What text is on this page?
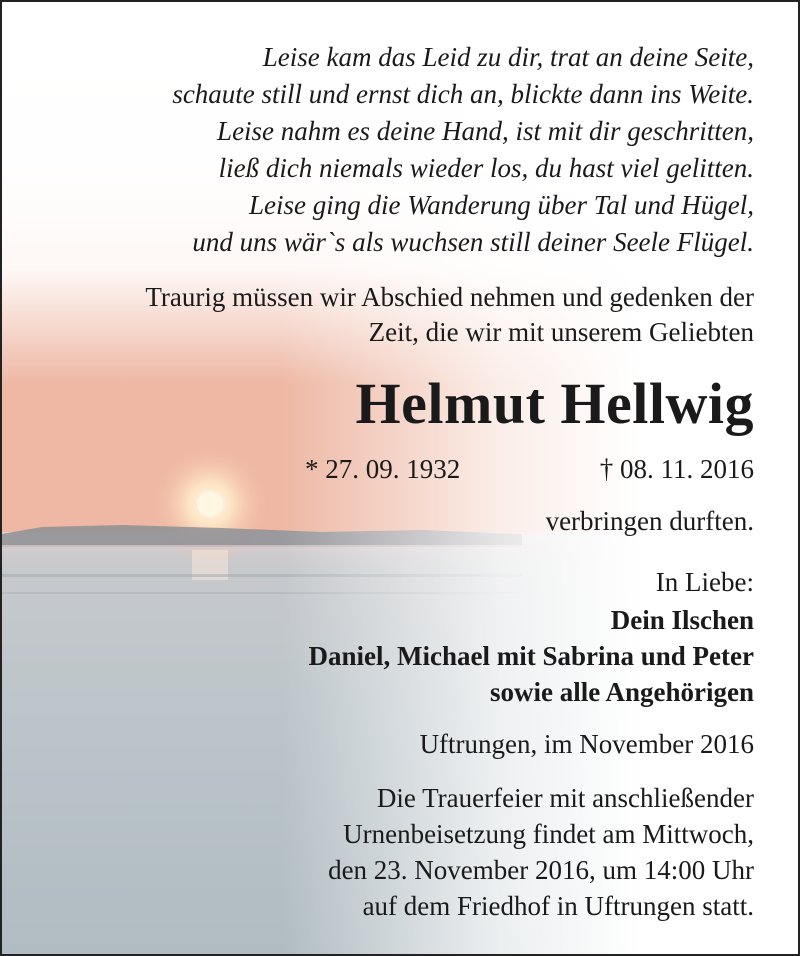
Leise kam das Leid zu dir, trat an deine Seite,
schaute still und ernst dich an, blickte dann ins Weite.
Leise nahm es deine Hand, ist mit dir geschritten,
ließ dich niemals wieder los, du hast viel gelitten.
Leise ging die Wanderung über Tal und Hügel,
und uns wär`s als wuchsen still deiner Seele Flügel.
Traurig müssen wir Abschied nehmen und gedenken der
Zeit, die wir mit unserem Geliebten
Helmut Hellwig
* 27. 09. 1932	† 08. 11. 2016
verbringen durften.
In Liebe:
Dein Ilschen
Daniel, Michael mit Sabrina und Peter
sowie alle Angehörigen
Uftrungen, im November 2016
Die Trauerfeier mit anschließender
Urnenbeisetzung findet am Mittwoch,
den 23. November 2016, um 14:00 Uhr
auf dem Friedhof in Uftrungen statt.
